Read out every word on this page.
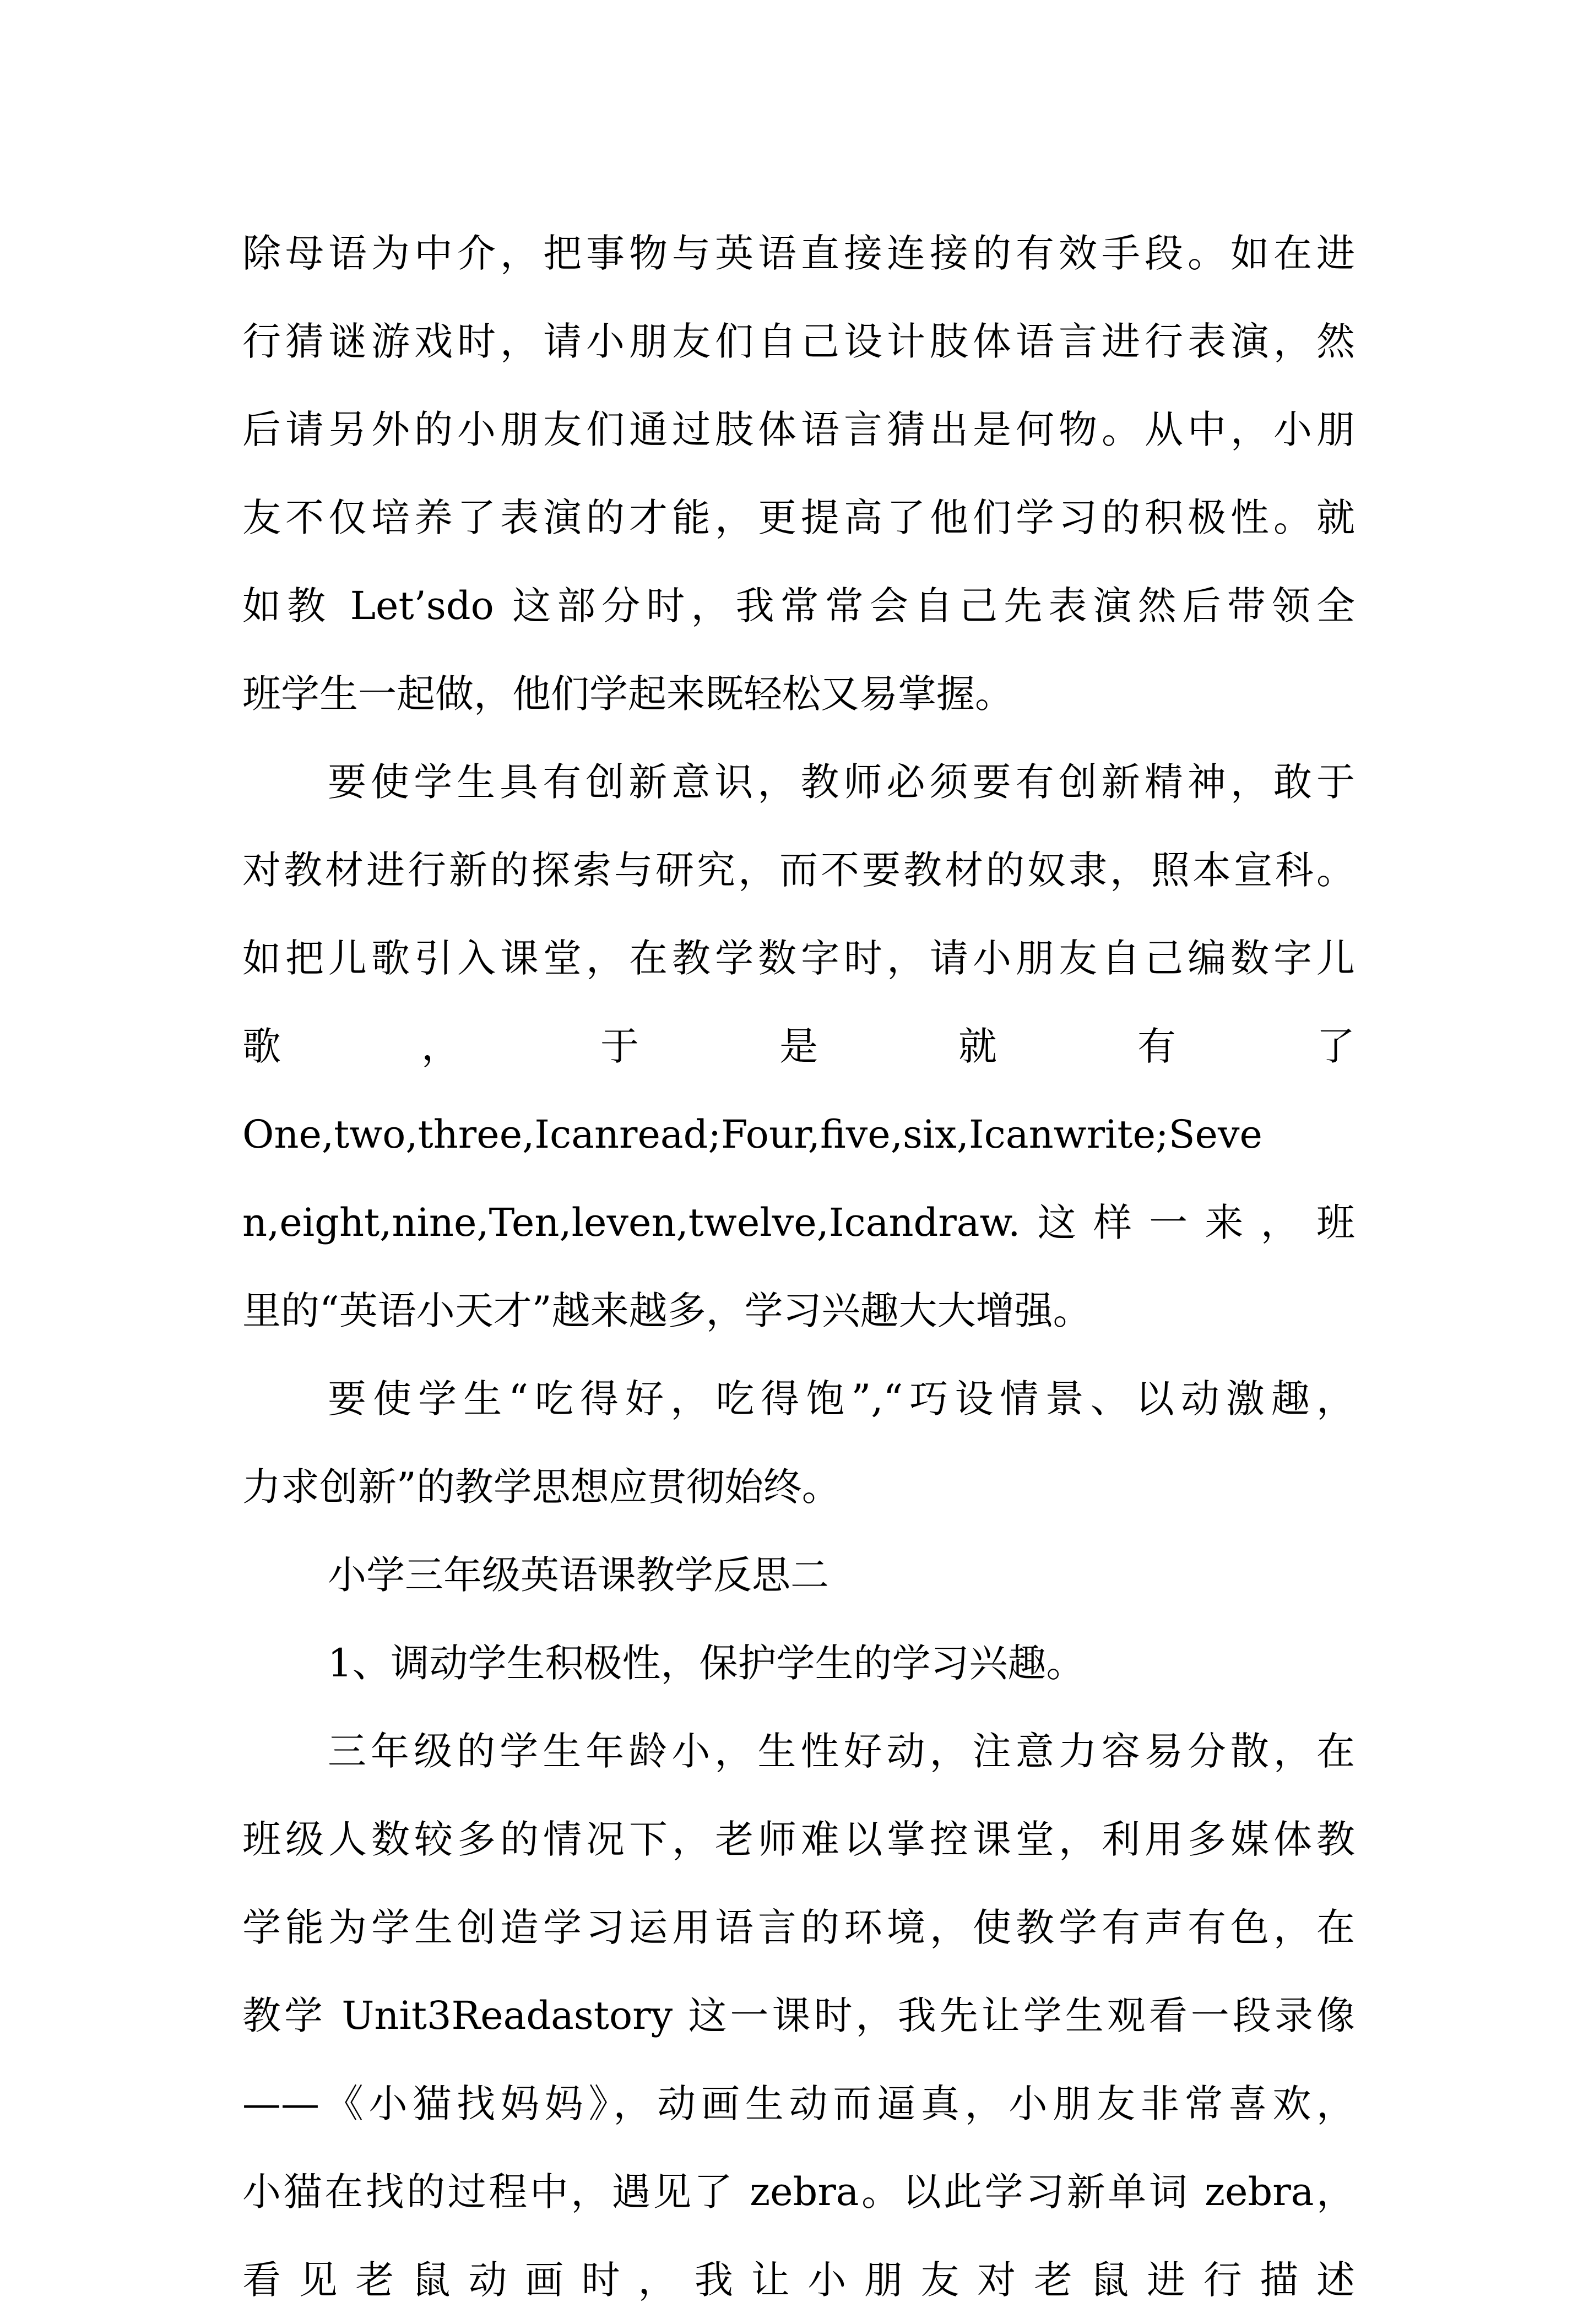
除母语为中介，把事物与英语直接连接的有效手段。如在进
行猜谜游戏时，请小朋友们自己设计肢体语言进行表演，然
后请另外的小朋友们通过肢体语言猜出是何物。从中，小朋
友不仅培养了表演的才能，更提高了他们学习的积极性。就
如教 Let’sdo 这部分时，我常常会自己先表演然后带领全
班学生一起做，他们学起来既轻松又易掌握。
要使学生具有创新意识，教师必须要有创新精神，敢于
对教材进行新的探索与研究，而不要教材的奴隶，照本宣科。
如把儿歌引入课堂，在教学数字时，请小朋友自己编数字儿
歌 ， 于 是 就 有 了
One,two,three,Icanread;Four,five,six,Icanwrite;Seve
n,eight,nine,Ten,leven,twelve,Icandraw.这样一来，班
里的“英语小天才”越来越多，学习兴趣大大增强。
要使学生“吃得好，吃得饱”,“巧设情景、以动激趣，
力求创新”的教学思想应贯彻始终。
小学三年级英语课教学反思二
1、调动学生积极性，保护学生的学习兴趣。
三年级的学生年龄小，生性好动，注意力容易分散，在
班级人数较多的情况下，老师难以掌控课堂，利用多媒体教
学能为学生创造学习运用语言的环境，使教学有声有色，在
教学 Unit3Readastory 这一课时，我先让学生观看一段录像
——《小猫找妈妈》，动画生动而逼真，小朋友非常喜欢，
小猫在找的过程中，遇见了 zebra。以此学习新单词 zebra，
看 见 老 鼠 动 画 时 ， 我 让 小 朋 友 对 老 鼠 进 行 描 述
